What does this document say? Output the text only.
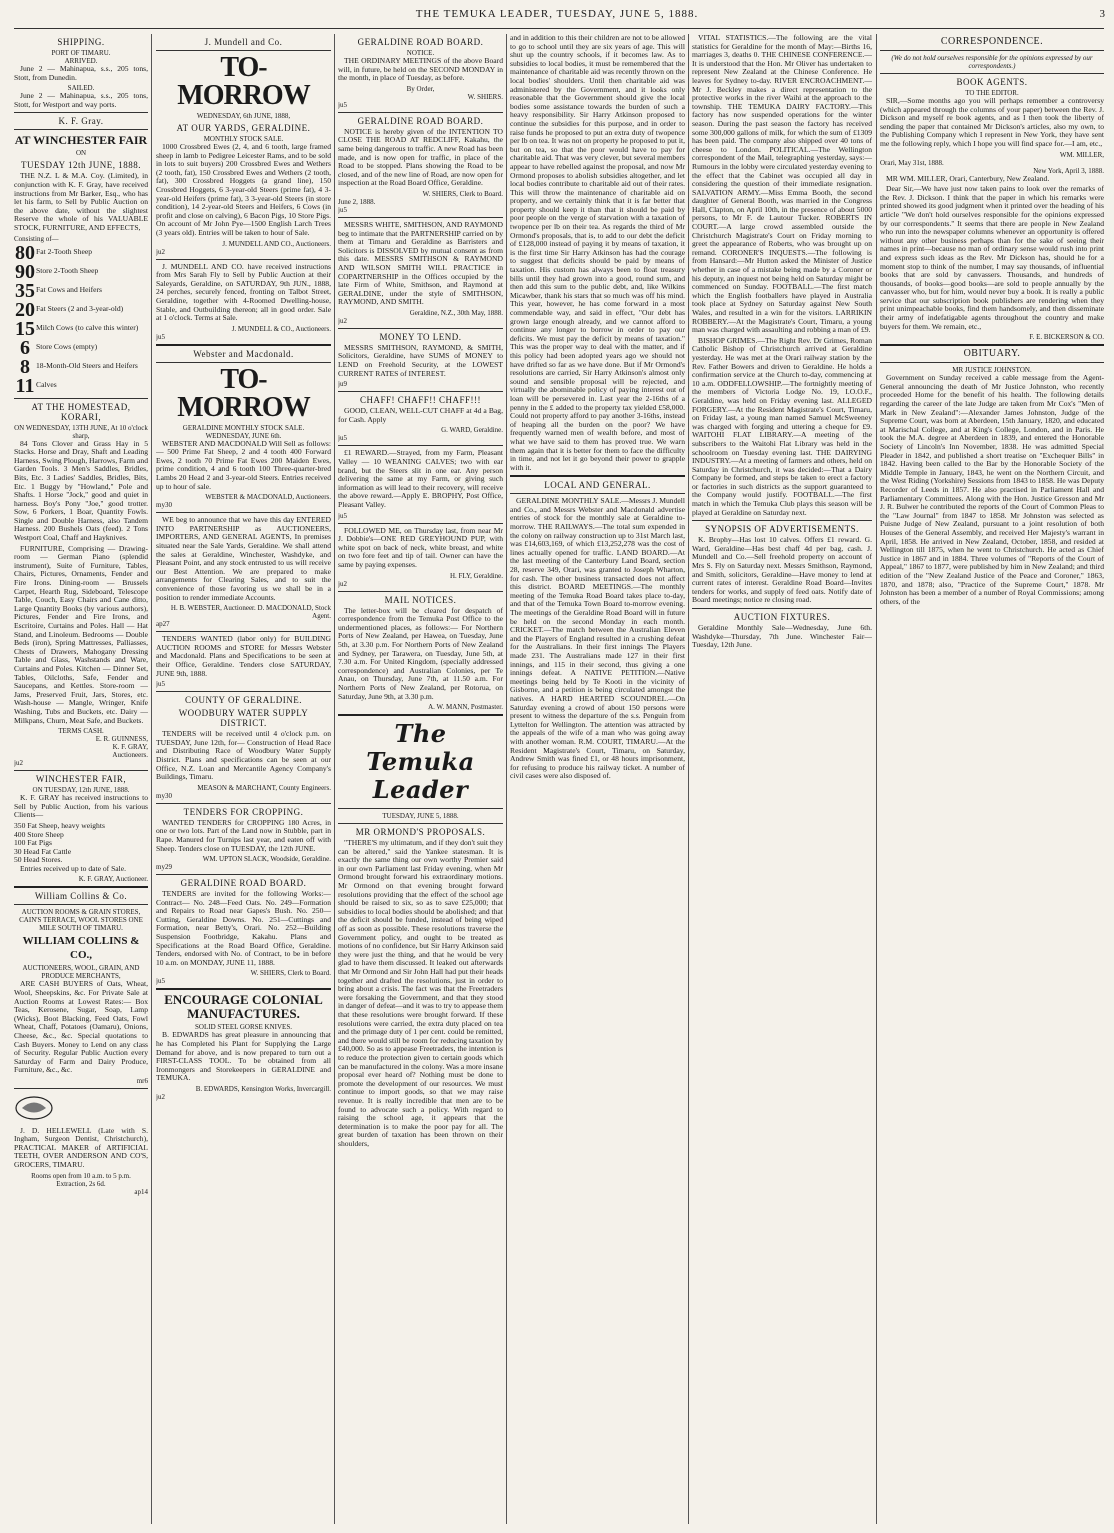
THE TEMUKA LEADER, TUESDAY, JUNE 5, 1888.	3
SHIPPING.
PORT OF TIMARU.
ARRIVED.
June 2 — Mahinapua, s.s., 205 tons, Stott, from Dunedin.
SAILED.
June 2 — Mahinapua, s.s., 205 tons, Stott, for Westport and way ports.
K. F. Gray.
AT WINCHESTER FAIR
ON
TUESDAY 12th JUNE, 1888.
THE N.Z. L & M.A. Coy. (Limited), in conjunction with K. F. Gray, have received instructions from Mr Barker, Esq., who has let his farm, to Sell by Public Auction on the above date, without the slightest Reserve the whole of his VALUABLE STOCK, FURNITURE, AND EFFECTS,
Consisting of—
80 Fat 2-Tooth Sheep
90 Store 2-Tooth Sheep
35 Fat Cows and Heifers
20 Fat Steers (2 and 3-year-old)
15 Milch Cows (to calve this winter)
6 Store Cows (empty)
8 18-Month-Old Steers and Heifers
11 Calves
AT THE HOMESTEAD, KORARI,
ON WEDNESDAY, 13TH JUNE, At 10 o'clock sharp,
84 Tons Clover and Grass Hay in 5 Stacks. Horse and Dray, Shaft and Leading Harness, Swing Plough, Harrows, Farm and Garden Tools. 3 Men's Saddles, Bridles, Bits, Etc. 3 Ladies' Saddles, Bridles, Bits, Etc. 1 Buggy by "Howland," Pole and Shafts. 1 Horse "Jock," good and quiet in harness. Boy's Pony "Joe," good trotter. Sow, 6 Porkers, 1 Boar, Quantity Fowls. Single and Double Harness, also Tandem Harness. 200 Bushels Oats (feed). 2 Tons Westport Coal, Chaff and Hayknives.
FURNITURE, Comprising — Drawing-room — German Piano (splendid instrument), Suite of Furniture, Tables, Chairs, Pictures, Ornaments, Fender and Fire Irons. Dining-room — Brussels Carpet, Hearth Rug, Sideboard, Telescope Table, Couch, Easy Chairs and Cane ditto, Large Quantity Books (by various authors), Pictures, Fender and Fire Irons, and Escritoire, Curtains and Poles. Hall — Hat Stand, and Linoleum. Bedrooms — Double Beds (iron), Spring Mattresses, Palliasses, Chests of Drawers, Mahogany Dressing Table and Glass, Washstands and Ware, Curtains and Poles. Kitchen — Dinner Set, Tables, Oilcloths, Safe, Fender and Saucepans, and Kettles. Store-room — Jams, Preserved Fruit, Jars, Stores, etc. Wash-house — Mangle, Wringer, Knife Washing, Tubs and Buckets, etc. Dairy — Milkpans, Churn, Meat Safe, and Buckets.
TERMS CASH.
E. R. GUINNESS,
K. F. GRAY,
Auctioneers.
ju2
WINCHESTER FAIR,
ON TUESDAY, 12th JUNE, 1888.
K. F. GRAY has received instructions to Sell by Public Auction, from his various Clients—
350 Fat Sheep, heavy weights
400 Store Sheep
100 Fat Pigs
30 Head Fat Cattle
50 Head Stores.
Entries received up to date of Sale.
K. F. GRAY, Auctioneer.
William Collins & Co.
AUCTION ROOMS & GRAIN STORES, CAIN'S TERRACE, WOOL STORES ONE MILE SOUTH OF TIMARU.
WILLIAM COLLINS & CO.,
AUCTIONEERS, WOOL, GRAIN, AND PRODUCE MERCHANTS,
ARE CASH BUYERS of Oats, Wheat, Wool, Sheepskins, &c. For Private Sale at Auction Rooms at Lowest Rates:— Box Teas, Kerosene, Sugar, Soap, Lamp (Wicks), Boot Blacking, Feed Oats, Fowl Wheat, Chaff, Potatoes (Oamaru), Onions, Cheese, &c., &c. Special quotations to Cash Buyers. Money to Lend on any class of Security. Regular Public Auction every Saturday of Farm and Dairy Produce, Furniture, &c., &c.
mr6
J. D. HELLEWELL (Late with S. Ingham, Surgeon Dentist, Christchurch), PRACTICAL MAKER of ARTIFICIAL TEETH, OVER ANDERSON AND CO'S, GROCERS, TIMARU.
Rooms open from 10 a.m. to 5 p.m.
Extraction, 2s 6d.
ap14
J. Mundell and Co.
TO-MORROW
WEDNESDAY, 6th JUNE, 1888,
AT OUR YARDS, GERALDINE.
MONTHLY STOCK SALE.
1000 Crossbred Ewes (2, 4, and 6 tooth, large framed sheep in lamb to Pedigree Leicester Rams, and to be sold in lots to suit buyers) 200 Crossbred Ewes and Wethers (2 tooth, fat), 150 Crossbred Ewes and Wethers (2 tooth, fat), 300 Crossbred Hoggets (a grand line), 150 Crossbred Hoggets, 6 3-year-old Steers (prime fat), 4 3-year-old Heifers (prime fat), 3 3-year-old Steers (in store condition), 14 2-year-old Steers and Heifers, 6 Cows (in profit and close on calving), 6 Bacon Pigs, 10 Store Pigs. On account of Mr John Pye—1500 English Larch Trees (3 years old). Entries will be taken to hour of Sale.
J. MUNDELL AND CO., Auctioneers.
ju2
J. MUNDELL AND CO. have received instructions from Mrs Sarah Fly to Sell by Public Auction at their Saleyards, Geraldine, on SATURDAY, 9th JUN., 1888, 24 perches, securely fenced, fronting on Talbot Street, Geraldine, together with 4-Roomed Dwelling-house, Stable, and Outbuilding thereon; all in good order. Sale at 1 o'clock. Terms at Sale.
J. MUNDELL & CO., Auctioneers.
ju5
Webster and Macdonald.
TO-MORROW
GERALDINE MONTHLY STOCK SALE.
WEDNESDAY, JUNE 6th.
WEBSTER AND MACDONALD Will Sell as follows:— 500 Prime Fat Sheep, 2 and 4 tooth 400 Forward Ewes, 2 tooth 70 Prime Fat Ewes 200 Maiden Ewes, prime condition, 4 and 6 tooth 100 Three-quarter-bred Lambs 20 Head 2 and 3-year-old Steers. Entries received up to hour of sale.
WEBSTER & MACDONALD, Auctioneers.
my30
WE beg to announce that we have this day ENTERED INTO PARTNERSHIP as AUCTIONEERS, IMPORTERS, AND GENERAL AGENTS, In premises situated near the Sale Yards, Geraldine. We shall attend the sales at Geraldine, Winchester, Washdyke, and Pleasant Point, and any stock entrusted to us will receive our Best Attention. We are prepared to make arrangements for Clearing Sales, and to suit the convenience of those favoring us we shall be in a position to render immediate Accounts.
H. B. WEBSTER, Auctioneer. D. MACDONALD, Stock Agent.
ap27
TENDERS WANTED (labor only) for BUILDING AUCTION ROOMS and STORE for Messrs Webster and Macdonald. Plans and Specifications to be seen at their Office, Geraldine. Tenders close SATURDAY, JUNE 9th, 1888.
ju5
COUNTY OF GERALDINE.
WOODBURY WATER SUPPLY DISTRICT.
TENDERS will be received until 4 o'clock p.m. on TUESDAY, June 12th, for— Construction of Head Race and Distributing Race of Woodbury Water Supply District. Plans and specifications can be seen at our Office, N.Z. Loan and Mercantile Agency Company's Buildings, Timaru.
MEASON & MARCHANT, County Engineers.
my30
TENDERS FOR CROPPING.
WANTED TENDERS for CROPPING 180 Acres, in one or two lots. Part of the Land now in Stubble, part in Rape. Manured for Turnips last year, and eaten off with Sheep. Tenders close on TUESDAY, the 12th JUNE.
WM. UPTON SLACK, Woodside, Geraldine.
my29
GERALDINE ROAD BOARD.
TENDERS are invited for the following Works:— Contract— No. 248—Feed Oats. No. 249—Formation and Repairs to Road near Gapes's Bush. No. 250—Cutting, Geraldine Downs. No. 251—Cuttings and Formation, near Betty's, Orari. No. 252—Building Suspension Footbridge, Kakahu. Plans and Specifications at the Road Board Office, Geraldine. Tenders, endorsed with No. of Contract, to be in before 10 a.m. on MONDAY, JUNE 11, 1888.
W. SHIERS, Clerk to Board.
ju5
ENCOURAGE COLONIAL MANUFACTURES.
SOLID STEEL GORSE KNIVES.
B. EDWARDS has great pleasure in announcing that he has Completed his Plant for Supplying the Large Demand for above, and is now prepared to turn out a FIRST-CLASS TOOL. To be obtained from all Ironmongers and Storekeepers in GERALDINE and TEMUKA.
B. EDWARDS, Kensington Works, Invercargill.
ju2
GERALDINE ROAD BOARD.
NOTICE.
THE ORDINARY MEETINGS of the above Board will, in future, be held on the SECOND MONDAY in the month, in place of Tuesday, as before.
By Order,
W. SHIERS.
ju5
GERALDINE ROAD BOARD.
NOTICE is hereby given of the INTENTION TO CLOSE THE ROAD AT REDCLIFF, Kakahu, the same being dangerous to traffic. A new Road has been made, and is now open for traffic, in place of the Road to be stopped. Plans showing the Road to be closed, and of the new line of Road, are now open for inspection at the Road Board Office, Geraldine.
W. SHIERS, Clerk to Board.
June 2, 1888.
ju5
MESSRS WHITE, SMITHSON, AND RAYMOND beg to intimate that the PARTNERSHIP carried on by them at Timaru and Geraldine as Barristers and Solicitors is DISSOLVED by mutual consent as from this date. MESSRS SMITHSON & RAYMOND AND WILSON SMITH WILL PRACTICE in COPARTNERSHIP in the Offices occupied by the late Firm of White, Smithson, and Raymond at GERALDINE, under the style of SMITHSON, RAYMOND, AND SMITH.
Geraldine, N.Z., 30th May, 1888.
ju2
MONEY TO LEND.
MESSRS SMITHSON, RAYMOND, & SMITH, Solicitors, Geraldine, have SUMS of MONEY to LEND on Freehold Security, at the LOWEST CURRENT RATES of INTEREST.
ju9
CHAFF! CHAFF!! CHAFF!!!
GOOD, CLEAN, WELL-CUT CHAFF at 4d a Bag, for Cash. Apply
G. WARD, Geraldine.
ju5
£1 REWARD.—Strayed, from my Farm, Pleasant Valley — 10 WEANING CALVES; two with ear brand, but the Steers slit in one ear. Any person delivering the same at my Farm, or giving such information as will lead to their recovery, will receive the above reward.—Apply E. BROPHY, Post Office, Pleasant Valley.
ju5
FOLLOWED ME, on Thursday last, from near Mr J. Dobbie's—ONE RED GREYHOUND PUP, with white spot on back of neck, white breast, and white on two fore feet and tip of tail. Owner can have the same by paying expenses.
H. FLY, Geraldine.
ju2
MAIL NOTICES.
The letter-box will be cleared for despatch of correspondence from the Temuka Post Office to the undermentioned places, as follows:— For Northern Ports of New Zealand, per Hawea, on Tuesday, June 5th, at 3.30 p.m. For Northern Ports of New Zealand and Sydney, per Tarawera, on Tuesday, June 5th, at 7.30 a.m. For United Kingdom, (specially addressed correspondence) and Australian Colonies, per Te Anau, on Thursday, June 7th, at 11.50 a.m. For Northern Ports of New Zealand, per Rotorua, on Saturday, June 9th, at 3.30 p.m.
A. W. MANN, Postmaster.
The Temuka Leader
TUESDAY, JUNE 5, 1888.
MR ORMOND'S PROPOSALS.
"THERE'S my ultimatum, and if they don't suit they can be altered," said the Yankee statesman. It is exactly the same thing our own worthy Premier said in our own Parliament last Friday evening, when Mr Ormond brought forward his extraordinary motions. Mr Ormond on that evening brought forward resolutions providing that the effect of the school age should be raised to six, so as to save £25,000; that subsidies to local bodies should be abolished; and that the deficit should be funded, instead of being wiped off as soon as possible. These resolutions traverse the Government policy, and ought to be treated as motions of no confidence, but Sir Harry Atkinson said they were just the thing, and that he would be very glad to have them discussed. It leaked out afterwards that Mr Ormond and Sir John Hall had put their heads together and drafted the resolutions, just in order to bring about a crisis. The fact was that the Freetraders were forsaking the Government, and that they stood in danger of defeat—and it was to try to appease them that these resolutions were brought forward. If these resolutions were carried, the extra duty placed on tea and the primage duty of 1 per cent. could be remitted, and there would still be room for reducing taxation by £40,000. So as to appease Freetraders, the intention is to reduce the protection given to certain goods which can be manufactured in the colony. Was a more insane proposal ever heard of? Nothing must be done to promote the development of our resources. We must continue to import goods, so that we may raise revenue. It is really incredible that men are to be found to advocate such a policy. With regard to raising the school age, it appears that the determination is to make the poor pay for all. The great burden of taxation has been thrown on their shoulders,
and in addition to this their children are not to be allowed to go to school until they are six years of age. This will shut up the country schools, if it becomes law. As to subsidies to local bodies, it must be remembered that the maintenance of charitable aid was recently thrown on the local bodies' shoulders. Until then charitable aid was administered by the Government, and it looks only reasonable that the Government should give the local bodies some assistance towards the burden of such a heavy responsibility. Sir Harry Atkinson proposed to continue the subsidies for this purpose, and in order to raise funds he proposed to put an extra duty of twopence per lb on tea. It was not on property he proposed to put it, but on tea, so that the poor would have to pay for charitable aid. That was very clever, but several members appear to have rebelled against the proposal, and now Mr Ormond proposes to abolish subsidies altogether, and let local bodies contribute to charitable aid out of their rates. This will throw the maintenance of charitable aid on property, and we certainly think that it is far better that property should keep it than that it should be paid by poor people on the verge of starvation with a taxation of twopence per lb on their tea. As regards the third of Mr Ormond's proposals, that is, to add to our debt the deficit of £128,000 instead of paying it by means of taxation, it is the first time Sir Harry Atkinson has had the courage to suggest that deficits should be paid by means of taxation. His custom has always been to float treasury bills until they had grown into a good, round sum, and then add this sum to the public debt, and, like Wilkins Micawber, thank his stars that so much was off his mind. This year, however, he has come forward in a most commendable way, and said in effect, "Our debt has grown large enough already, and we cannot afford to continue any longer to borrow in order to pay our deficits. We must pay the deficit by means of taxation." This was the proper way to deal with the matter, and if this policy had been adopted years ago we should not have drifted so far as we have done. But if Mr Ormond's resolutions are carried, Sir Harry Atkinson's almost only sound and sensible proposal will be rejected, and virtually the abominable policy of paying interest out of loan will be persevered in. Last year the 2-16ths of a penny in the £ added to the property tax yielded £58,000. Could not property afford to pay another 3-16ths, instead of heaping all the burden on the poor? We have frequently warned men of wealth before, and most of what we have said to them has proved true. We warn them again that it is better for them to face the difficulty in time, and not let it go beyond their power to grapple with it.
LOCAL AND GENERAL.
GERALDINE MONTHLY SALE.—Messrs J. Mundell and Co., and Messrs Webster and Macdonald advertise entries of stock for the monthly sale at Geraldine to-morrow. THE RAILWAYS.—The total sum expended in the colony on railway construction up to 31st March last, was £14,603,169, of which £13,252,278 was the cost of lines actually opened for traffic. LAND BOARD.—At the last meeting of the Canterbury Land Board, section 28, reserve 349, Orari, was granted to Joseph Wharton, for cash. The other business transacted does not affect this district. BOARD MEETINGS.—The monthly meeting of the Temuka Road Board takes place to-day, and that of the Temuka Town Board to-morrow evening. The meetings of the Geraldine Road Board will in future be held on the second Monday in each month. CRICKET.—The match between the Australian Eleven and the Players of England resulted in a crushing defeat for the Australians. In their first innings The Players made 231. The Australians made 127 in their first innings, and 115 in their second, thus giving a one innings defeat. A NATIVE PETITION.—Native meetings being held by Te Kooti in the vicinity of Gisborne, and a petition is being circulated amongst the natives. A HARD HEARTED SCOUNDREL.—On Saturday evening a crowd of about 150 persons were present to witness the departure of the s.s. Penguin from Lyttelton for Wellington. The attention was attracted by the appeals of the wife of a man who was going away with another woman. R.M. COURT, TIMARU.—At the Resident Magistrate's Court, Timaru, on Saturday, Andrew Smith was fined £1, or 48 hours imprisonment, for refusing to produce his railway ticket. A number of civil cases were also disposed of.
VITAL STATISTICS.—The following are the vital statistics for Geraldine for the month of May:—Births 16, marriages 3, deaths 0. THE CHINESE CONFERENCE.—It is understood that the Hon. Mr Oliver has undertaken to represent New Zealand at the Chinese Conference. He leaves for Sydney to-day. RIVER ENCROACHMENT.—Mr J. Beckley makes a direct representation to the protective works in the river Waihi at the approach to the township. THE TEMUKA DAIRY FACTORY.—This factory has now suspended operations for the winter season. During the past season the factory has received some 300,000 gallons of milk, for which the sum of £1309 has been paid. The company also shipped over 40 tons of cheese to London. POLITICAL.—The Wellington correspondent of the Mail, telegraphing yesterday, says:—Rumours in the lobby were circulated yesterday evening to the effect that the Cabinet was occupied all day in considering the question of their immediate resignation. SALVATION ARMY.—Miss Emma Booth, the second daughter of General Booth, was married in the Congress Hall, Clapton, on April 10th, in the presence of about 5000 persons, to Mr F. de Lautour Tucker. ROBERTS IN COURT.—A large crowd assembled outside the Christchurch Magistrate's Court on Friday morning to greet the appearance of Roberts, who was brought up on remand. CORONER'S INQUESTS.—The following is from Hansard:—Mr Hutton asked the Minister of Justice whether in case of a mistake being made by a Coroner or his deputy, an inquest not being held on Saturday might be commenced on Sunday. FOOTBALL.—The first match which the English footballers have played in Australia took place at Sydney on Saturday against New South Wales, and resulted in a win for the visitors. LARRIKIN ROBBERY.—At the Magistrate's Court, Timaru, a young man was charged with assaulting and robbing a man of £9.
BISHOP GRIMES.—The Right Rev. Dr Grimes, Roman Catholic Bishop of Christchurch arrived at Geraldine yesterday. He was met at the Orari railway station by the Rev. Father Bowers and driven to Geraldine. He holds a confirmation service at the Church to-day, commencing at 10 a.m. ODDFELLOWSHIP.—The fortnightly meeting of the members of Victoria Lodge No. 19, I.O.O.F., Geraldine, was held on Friday evening last. ALLEGED FORGERY.—At the Resident Magistrate's Court, Timaru, on Friday last, a young man named Samuel McSweeney was charged with forging and uttering a cheque for £9. WAITOHI FLAT LIBRARY.—A meeting of the subscribers to the Waitohi Flat Library was held in the schoolroom on Tuesday evening last. THE DAIRYING INDUSTRY.—At a meeting of farmers and others, held on Saturday in Christchurch, it was decided:—That a Dairy Company be formed, and steps be taken to erect a factory or factories in such districts as the support guaranteed to the Company would justify. FOOTBALL.—The first match in which the Temuka Club plays this season will be played at Geraldine on Saturday next.
SYNOPSIS OF ADVERTISEMENTS.
K. Brophy—Has lost 10 calves. Offers £1 reward. G. Ward, Geraldine—Has best chaff 4d per bag, cash. J. Mundell and Co.—Sell freehold property on account of Mrs S. Fly on Saturday next. Messrs Smithson, Raymond, and Smith, solicitors, Geraldine—Have money to lend at current rates of interest. Geraldine Road Board—Invites tenders for works, and supply of feed oats. Notify date of Board meetings; notice re closing road.
AUCTION FIXTURES.
Geraldine Monthly Sale—Wednesday, June 6th. Washdyke—Thursday, 7th June. Winchester Fair—Tuesday, 12th June.
CORRESPONDENCE.
(We do not hold ourselves responsible for the opinions expressed by our correspondents.)
BOOK AGENTS.
TO THE EDITOR.
SIR,—Some months ago you will perhaps remember a controversy (which appeared through the columns of your paper) between the Rev. J. Dickson and myself re book agents, and as I then took the liberty of sending the paper that contained Mr Dickson's articles, also my own, to the Publishing Company which I represent in New York, they have sent me the following reply, which I hope you will find space for.—I am, etc.,
WM. MILLER,
Orari, May 31st, 1888.
New York, April 3, 1888.
MR WM. MILLER, Orari, Canterbury, New Zealand.
Dear Sir,—We have just now taken pains to look over the remarks of the Rev. J. Dickson. I think that the paper in which his remarks were printed showed its good judgment when it printed over the heading of his article "We don't hold ourselves responsible for the opinions expressed by our correspondents." It seems that there are people in New Zealand who run into the newspaper columns whenever an opportunity is offered without any other business perhaps than for the sake of seeing their names in print—because no man of ordinary sense would rush into print and express such ideas as the Rev. Mr Dickson has, should he for a moment stop to think of the number, I may say thousands, of influential books that are sold by canvassers. Thousands, and hundreds of thousands, of books—good books—are sold to people annually by the canvasser who, but for him, would never buy a book. It is really a public service that our subscription book publishers are rendering when they print unimpeachable books, find them handsomely, and then disseminate their army of indefatigable agents throughout the country and make buyers for them. We remain, etc.,
F. E. BICKERSON & CO.
OBITUARY.
MR JUSTICE JOHNSTON.
Government on Sunday received a cable message from the Agent-General announcing the death of Mr Justice Johnston, who recently proceeded Home for the benefit of his health. The following details regarding the career of the late Judge are taken from Mr Cox's "Men of Mark in New Zealand":—Alexander James Johnston, Judge of the Supreme Court, was born at Aberdeen, 15th January, 1820, and educated at Marischal College, and at King's College, London, and in Paris. He took the M.A. degree at Aberdeen in 1839, and entered the Honorable Society of Lincoln's Inn November, 1838. He was admitted Special Pleader in 1842, and published a short treatise on "Exchequer Bills" in 1842. Having been called to the Bar by the Honorable Society of the Middle Temple in January, 1843, he went on the Northern Circuit, and the West Riding (Yorkshire) Sessions from 1843 to 1858. He was Deputy Recorder of Leeds in 1857. He also practised in Parliament Hall and Parliamentary Committees. Along with the Hon. Justice Gresson and Mr J. R. Bulwer he contributed the reports of the Court of Common Pleas to the "Law Journal" from 1847 to 1858. Mr Johnston was selected as Puisne Judge of New Zealand, pursuant to a joint resolution of both Houses of the General Assembly, and received Her Majesty's warrant in April, 1858. He arrived in New Zealand, October, 1858, and resided at Wellington till 1875, when he went to Christchurch. He acted as Chief Justice in 1867 and in 1884. Three volumes of "Reports of the Court of Appeal," 1867 to 1877, were published by him in New Zealand; and third edition of the "New Zealand Justice of the Peace and Coroner," 1863, 1870, and 1878; also, "Practice of the Supreme Court," 1878. Mr Johnston has been a member of a number of Royal Commissions; among others, of the
